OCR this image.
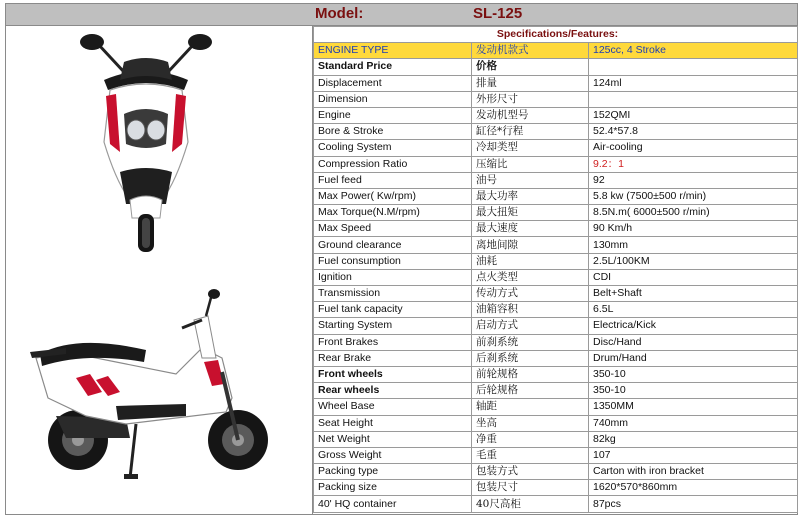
Model:	SL-125
Specifications/Features:		
ENGINE TYPE	发动机款式	125cc, 4 Stroke
Standard Price	价格	
Displacement	排量	124ml
Dimension	外形尺寸	
Engine	发动机型号	152QMI
Bore & Stroke	缸径*行程	52.4*57.8
Cooling System	冷却类型	Air-cooling
Compression Ratio	压缩比	9.2：1
Fuel feed	油号	92
Max Power( Kw/rpm)	最大功率	5.8 kw (7500±500 r/min)
Max Torque(N.M/rpm)	最大扭矩	8.5N.m( 6000±500 r/min)
Max Speed	最大速度	90 Km/h
Ground clearance	离地间隙	130mm
Fuel consumption	油耗	2.5L/100KM
Ignition	点火类型	CDI
Transmission	传动方式	Belt+Shaft
Fuel tank capacity	油箱容积	6.5L
Starting System	启动方式	Electrica/Kick
Front Brakes	前刹系统	Disc/Hand
Rear Brake	后刹系统	Drum/Hand
Front wheels	前轮规格	350-10
Rear wheels	后轮规格	350-10
Wheel Base	轴距	1350MM
Seat Height	坐高	740mm
Net Weight	净重	82kg
Gross Weight	毛重	107
Packing type	包装方式	Carton with iron bracket
Packing size	包装尺寸	1620*570*860mm
40' HQ container	40尺高柜	87pcs
